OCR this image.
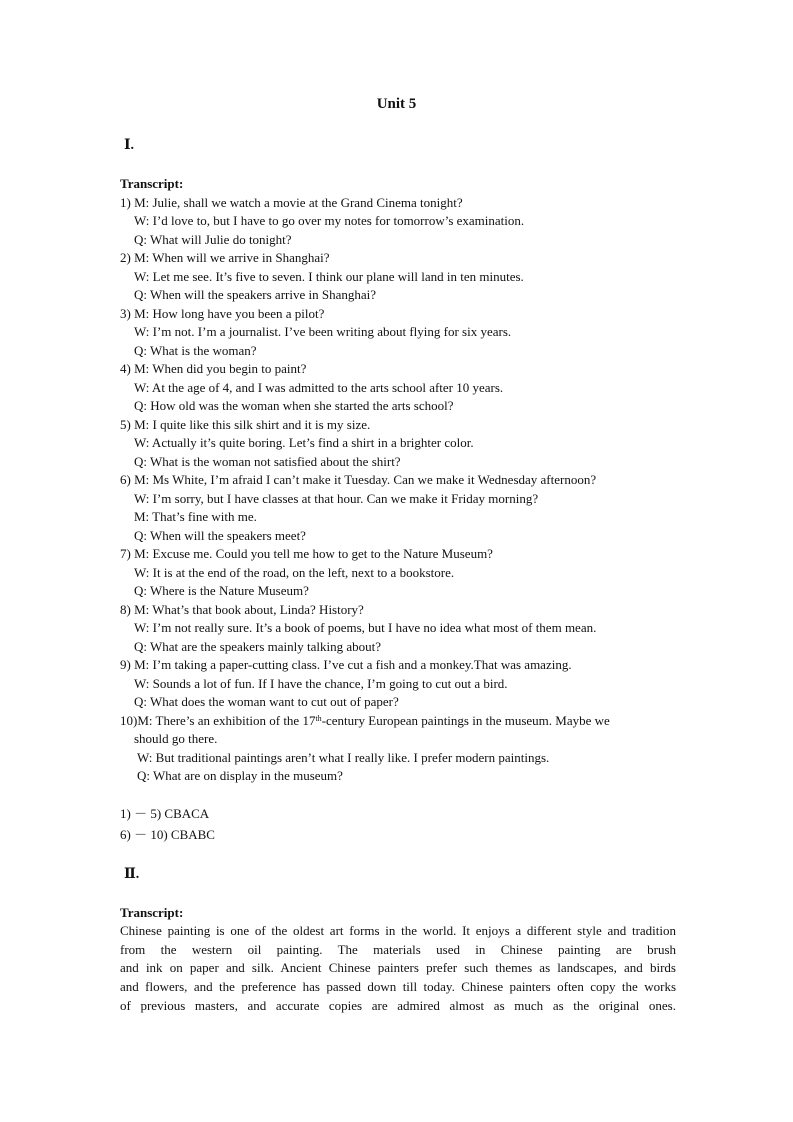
Unit 5
Ⅰ.
Transcript:
1) M: Julie, shall we watch a movie at the Grand Cinema tonight?
W: I’d love to, but I have to go over my notes for tomorrow’s examination.
Q: What will Julie do tonight?
2) M: When will we arrive in Shanghai?
W: Let me see. It’s five to seven. I think our plane will land in ten minutes.
Q: When will the speakers arrive in Shanghai?
3) M: How long have you been a pilot?
W: I’m not. I’m a journalist. I’ve been writing about flying for six years.
Q: What is the woman?
4) M: When did you begin to paint?
W: At the age of 4, and I was admitted to the arts school after 10 years.
Q: How old was the woman when she started the arts school?
5) M: I quite like this silk shirt and it is my size.
W: Actually it’s quite boring. Let’s find a shirt in a brighter color.
Q: What is the woman not satisfied about the shirt?
6) M: Ms White, I’m afraid I can’t make it Tuesday. Can we make it Wednesday afternoon?
W: I’m sorry, but I have classes at that hour. Can we make it Friday morning?
M: That’s fine with me.
Q: When will the speakers meet?
7) M: Excuse me. Could you tell me how to get to the Nature Museum?
W: It is at the end of the road, on the left, next to a bookstore.
Q: Where is the Nature Museum?
8) M: What’s that book about, Linda? History?
W: I’m not really sure. It’s a book of poems, but I have no idea what most of them mean.
Q: What are the speakers mainly talking about?
9) M: I’m taking a paper-cutting class. I’ve cut a fish and a monkey.That was amazing.
W: Sounds a lot of fun. If I have the chance, I’m going to cut out a bird.
Q: What does the woman want to cut out of paper?
10)M: There’s an exhibition of the 17th-century European paintings in the museum. Maybe we
should go there.
W: But traditional paintings aren’t what I really like. I prefer modern paintings.
Q: What are on display in the museum?
1) － 5) CBACA
6) － 10) CBABC
Ⅱ.
Transcript:
Chinese painting is one of the oldest art forms in the world. It enjoys a different style and tradition
from the western oil painting. The materials used in Chinese painting are brush
and ink on paper and silk. Ancient Chinese painters prefer such themes as landscapes, and birds
and flowers, and the preference has passed down till today. Chinese painters often copy the works
of previous masters, and accurate copies are admired almost as much as the original ones.
